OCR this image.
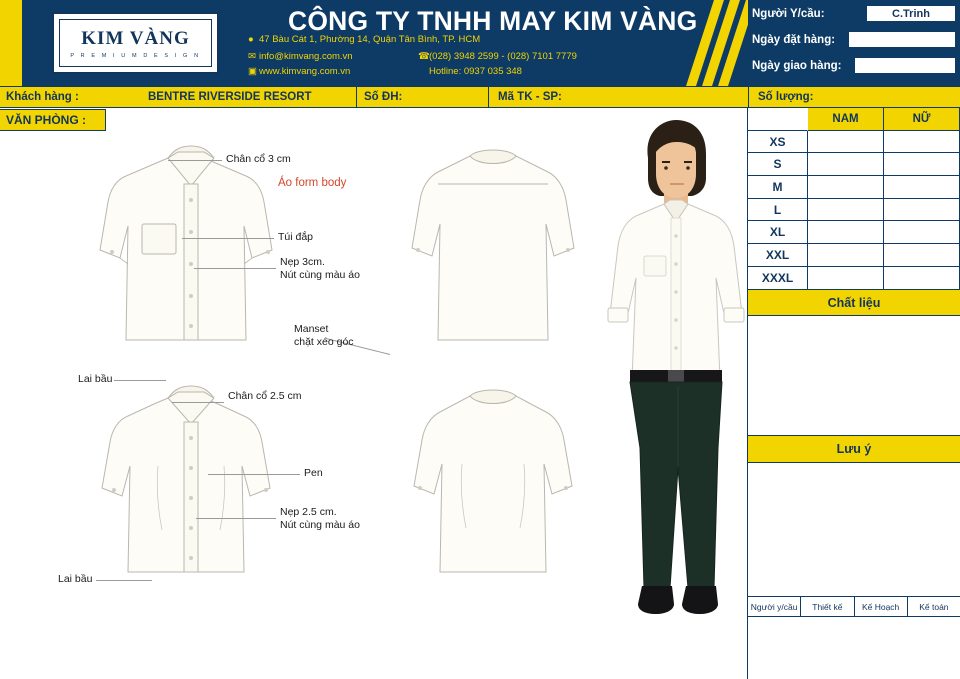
KIM VÀNG
P R E M I U M D E S I G N
CÔNG TY TNHH MAY KIM VÀNG
● 47 Bàu Cát 1, Phường 14, Quận Tân Bình, TP. HCM
✉ info@kimvang.com.vn
▣ www.kimvang.com.vn
☎(028) 3948 2599 - (028) 7101 7779
Hotline: 0937 035 348
Người Y/cầu:	C.Trinh
Ngày đặt hàng:
Ngày giao hàng:
Khách hàng :	BENTRE RIVERSIDE RESORT	Số ĐH:	Mã TK - SP:	Số lượng:
VĂN PHÒNG :	NAM	NỮ
XS
S
M
L
XL
XXL
XXXL
Chất liệu
Lưu ý
Người y/cầu	Thiết kế	Kế Hoạch	Kế toán
Chân cổ 3 cm
Áo form body
Túi đắp
Nẹp 3cm.
Nút cùng màu áo
Manset
chặt xéo góc
Lai bầu
Chân cổ 2.5 cm
Pen
Nẹp 2.5 cm.
Nút cùng màu áo
Lai bầu
